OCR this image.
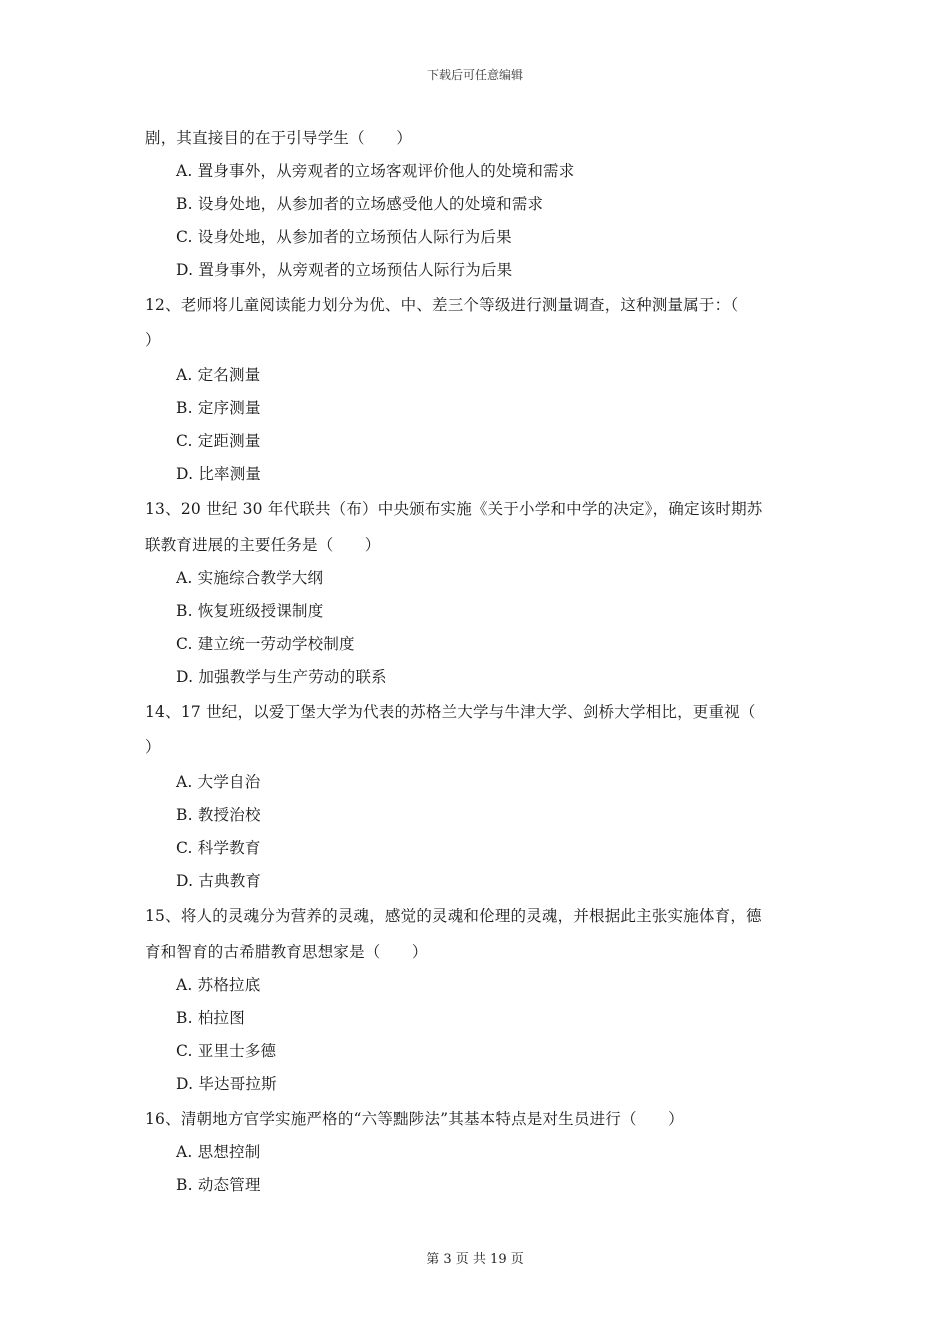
下载后可任意编辑
剧，其直接目的在于引导学生（　　）
A. 置身事外，从旁观者的立场客观评价他人的处境和需求
B. 设身处地，从参加者的立场感受他人的处境和需求
C. 设身处地，从参加者的立场预估人际行为后果
D. 置身事外，从旁观者的立场预估人际行为后果
12、老师将儿童阅读能力划分为优、中、差三个等级进行测量调查，这种测量属于：（
）
A. 定名测量
B. 定序测量
C. 定距测量
D. 比率测量
13、20 世纪 30 年代联共（布）中央颁布实施《关于小学和中学的决定》，确定该时期苏
联教育进展的主要任务是（　　）
A. 实施综合教学大纲
B. 恢复班级授课制度
C. 建立统一劳动学校制度
D. 加强教学与生产劳动的联系
14、17 世纪，以爱丁堡大学为代表的苏格兰大学与牛津大学、剑桥大学相比，更重视（
）
A. 大学自治
B. 教授治校
C. 科学教育
D. 古典教育
15、将人的灵魂分为营养的灵魂，感觉的灵魂和伦理的灵魂，并根据此主张实施体育，德
育和智育的古希腊教育思想家是（　　）
A. 苏格拉底
B. 柏拉图
C. 亚里士多德
D. 毕达哥拉斯
16、清朝地方官学实施严格的“六等黜陟法”其基本特点是对生员进行（　　）
A. 思想控制
B. 动态管理
第 3 页 共 19 页
